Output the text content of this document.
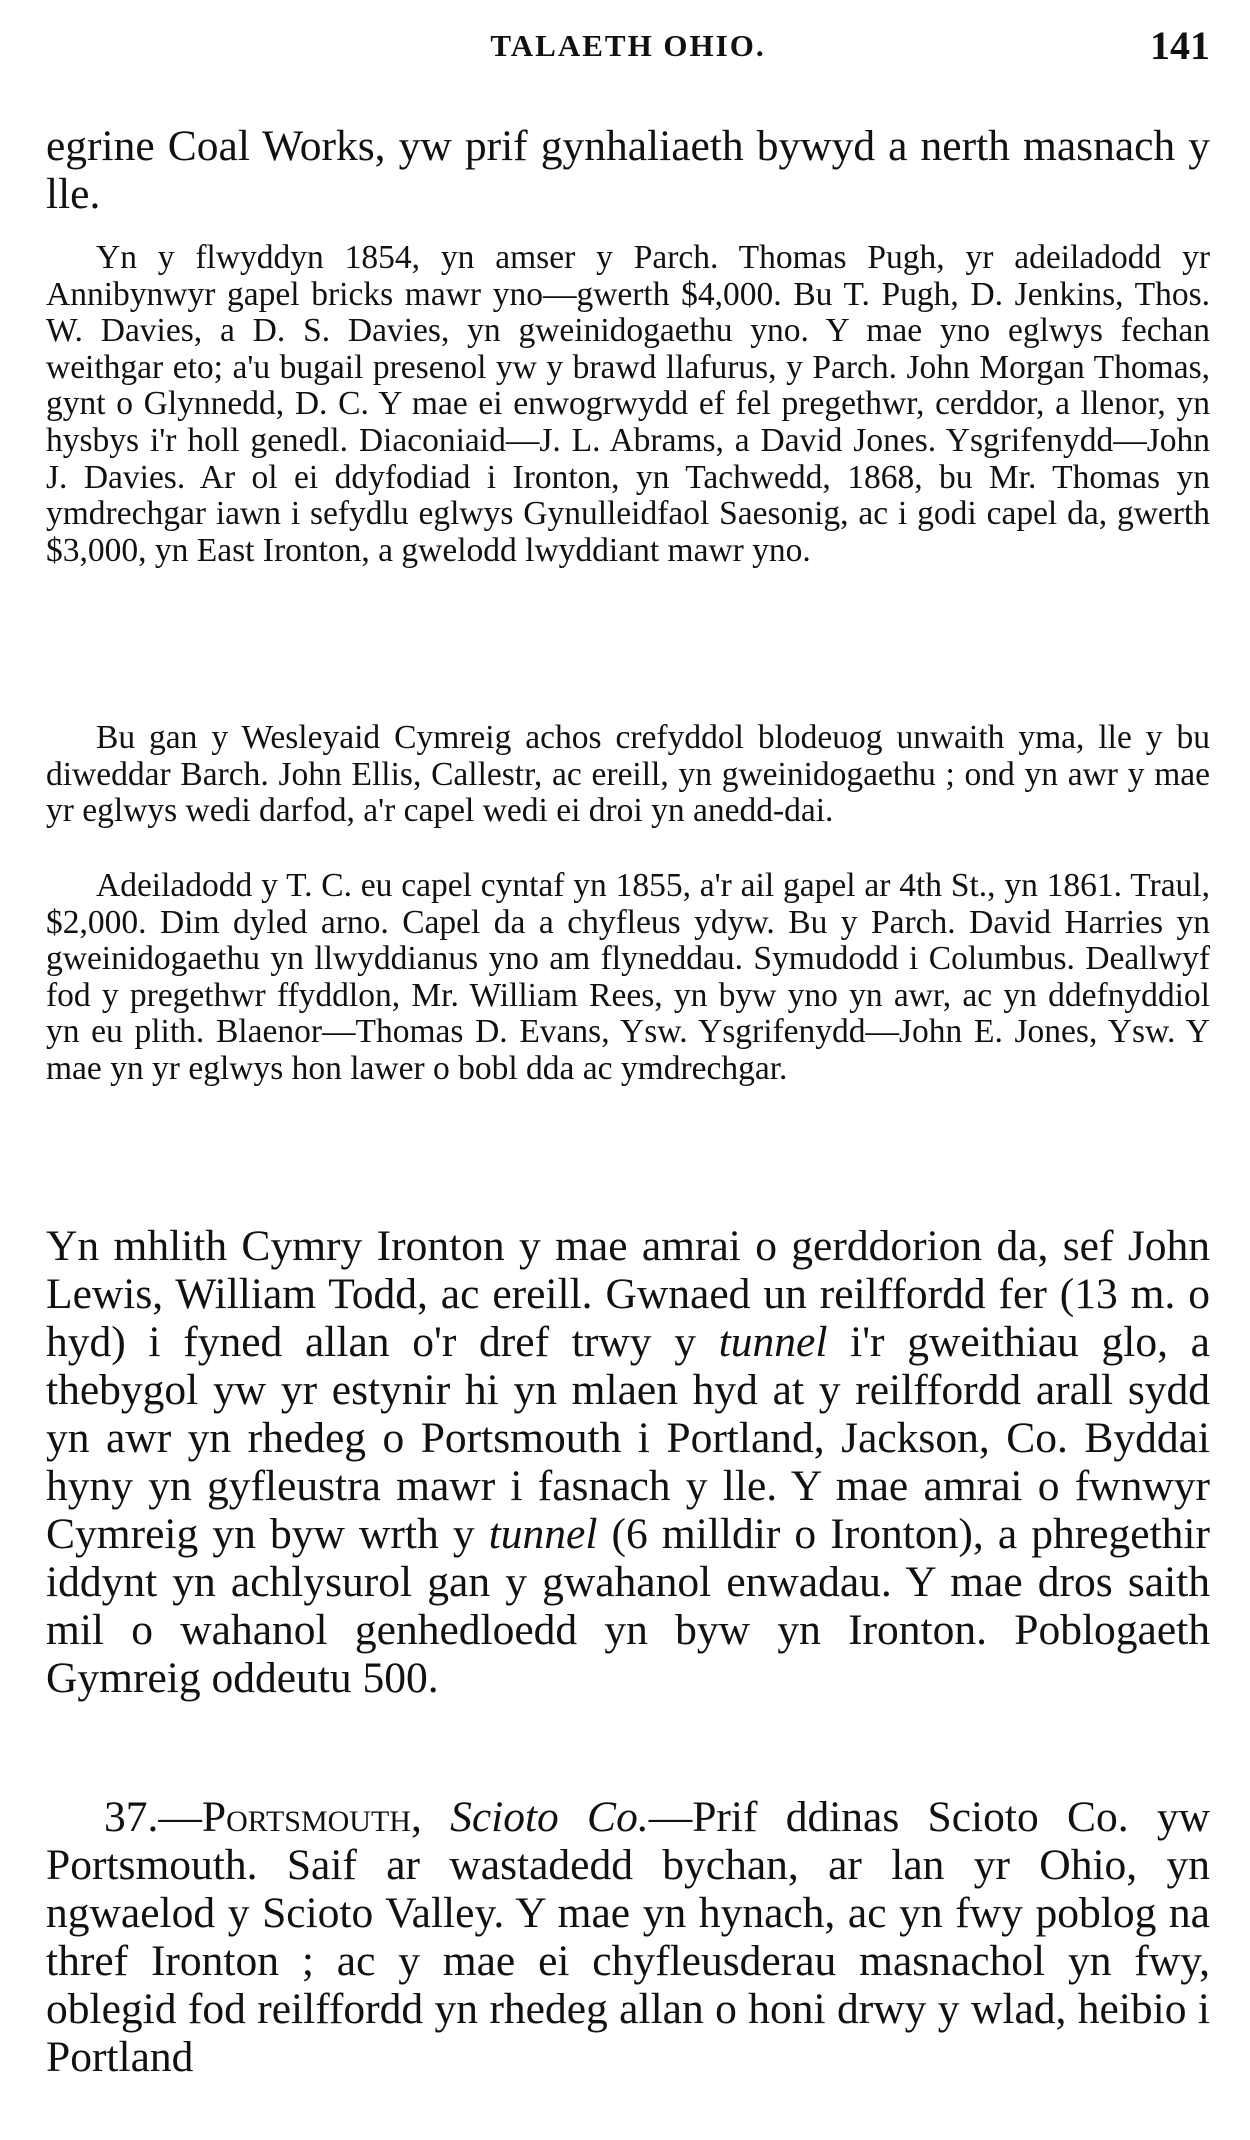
TALAETH OHIO.	141

egrine Coal Works, yw prif gynhaliaeth bywyd a nerth masnach y lle.

Yn y flwyddyn 1854, yn amser y Parch. Thomas Pugh, yr adeiladodd yr Annibynwyr gapel bricks mawr yno—gwerth $4,000. Bu T. Pugh, D. Jenkins, Thos. W. Davies, a D. S. Davies, yn gweinidogaethu yno. Y mae yno eglwys fechan weithgar eto; a'u bugail presenol yw y brawd llafurus, y Parch. John Morgan Thomas, gynt o Glynnedd, D. C. Y mae ei enwogrwydd ef fel pregethwr, cerddor, a llenor, yn hysbys i'r holl genedl. Diaconiaid—J. L. Abrams, a David Jones. Ysgrifenydd—John J. Davies. Ar ol ei ddyfodiad i Ironton, yn Tachwedd, 1868, bu Mr. Thomas yn ymdrechgar iawn i sefydlu eglwys Gynulleidfaol Saesonig, ac i godi capel da, gwerth $3,000, yn East Ironton, a gwelodd lwyddiant mawr yno.

Bu gan y Wesleyaid Cymreig achos crefyddol blodeuog unwaith yma, lle y bu diweddar Barch. John Ellis, Callestr, ac ereill, yn gweinidogaethu ; ond yn awr y mae yr eglwys wedi darfod, a'r capel wedi ei droi yn anedd-dai.

Adeiladodd y T. C. eu capel cyntaf yn 1855, a'r ail gapel ar 4th St., yn 1861. Traul, $2,000. Dim dyled arno. Capel da a chyfleus ydyw. Bu y Parch. David Harries yn gweinidogaethu yn llwyddianus yno am flyneddau. Symudodd i Columbus. Deallwyf fod y pregethwr ffyddlon, Mr. William Rees, yn byw yno yn awr, ac yn ddefnyddiol yn eu plith. Blaenor—Thomas D. Evans, Ysw. Ysgrifenydd—John E. Jones, Ysw. Y mae yn yr eglwys hon lawer o bobl dda ac ymdrechgar.

Yn mhlith Cymry Ironton y mae amrai o gerddorion da, sef John Lewis, William Todd, ac ereill. Gwnaed un reilffordd fer (13 m. o hyd) i fyned allan o'r dref trwy y tunnel i'r gweithiau glo, a thebygol yw yr estynir hi yn mlaen hyd at y reilffordd arall sydd yn awr yn rhedeg o Portsmouth i Portland, Jackson, Co. Byddai hyny yn gyfleustra mawr i fasnach y lle. Y mae amrai o fwnwyr Cymreig yn byw wrth y tunnel (6 milldir o Ironton), a phregethir iddynt yn achlysurol gan y gwahanol enwadau. Y mae dros saith mil o wahanol genhedloedd yn byw yn Ironton. Poblogaeth Gymreig oddeutu 500.

37.—Portsmouth, Scioto Co.—Prif ddinas Scioto Co. yw Portsmouth. Saif ar wastadedd bychan, ar lan yr Ohio, yn ngwaelod y Scioto Valley. Y mae yn hynach, ac yn fwy poblog na thref Ironton ; ac y mae ei chyfleusderau masnachol yn fwy, oblegid fod reilffordd yn rhedeg allan o honi drwy y wlad, heibio i Portland
